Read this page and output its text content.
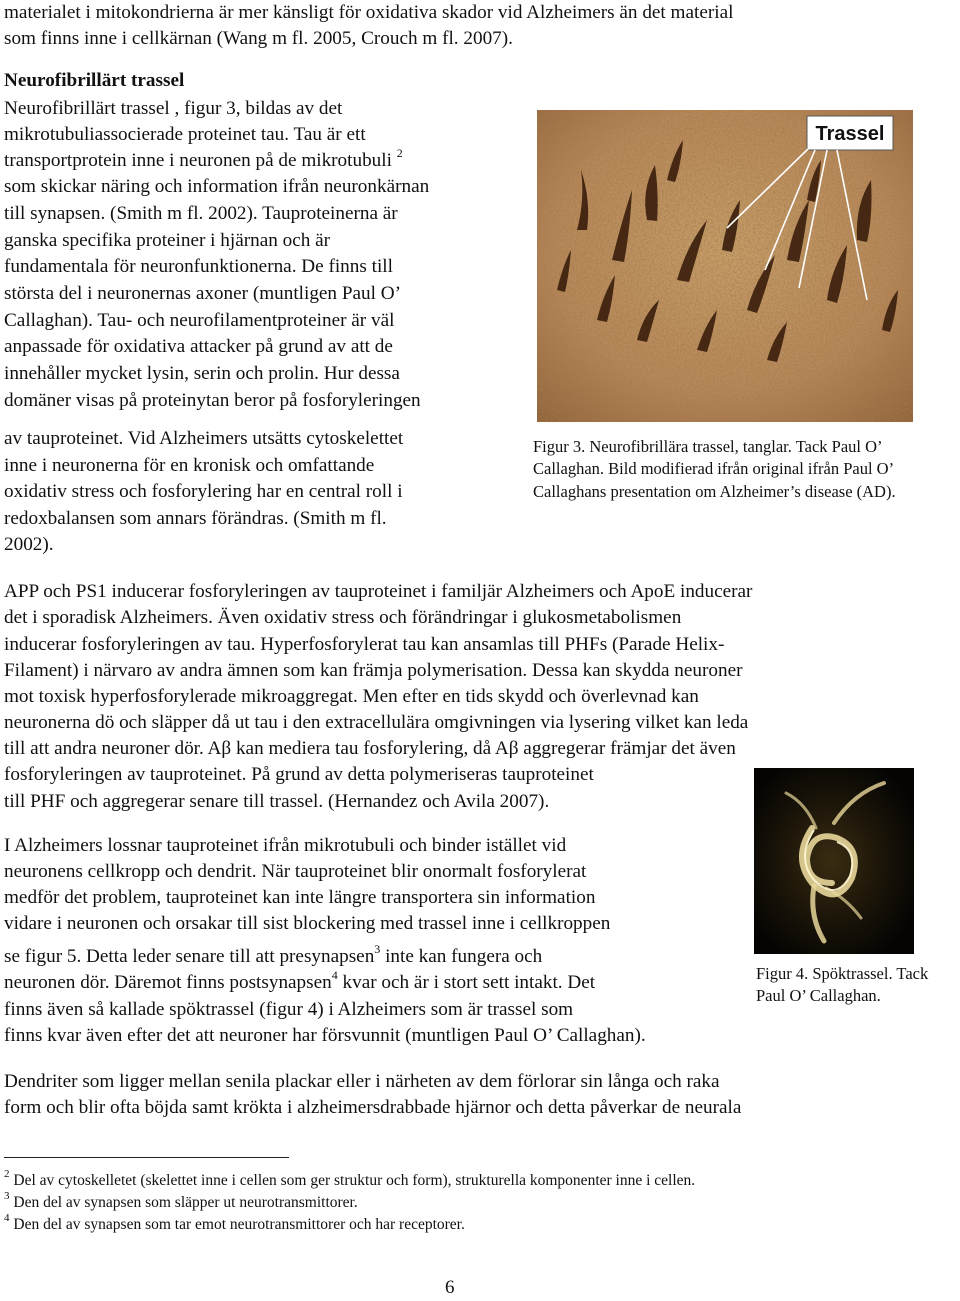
materialet i mitokondrierna är mer känsligt för oxidativa skador vid Alzheimers än det material
som finns inne i cellkärnan (Wang m fl. 2005, Crouch m fl. 2007).
Neurofibrillärt trassel
Neurofibrillärt trassel , figur 3, bildas av det
mikrotubuliassocierade proteinet tau. Tau är ett
transportprotein inne i neuronen på de mikrotubuli $^2$
som skickar näring och information ifrån neuronkärnan
till synapsen. (Smith m fl. 2002). Tauproteinerna är
ganska specifika proteiner i hjärnan och är
fundamentala för neuronfunktionerna. De finns till
största del i neuronernas axoner (muntligen Paul O’
Callaghan). Tau- och neurofilamentproteiner är väl
anpassade för oxidativa attacker på grund av att de
innehåller mycket lysin, serin och prolin. Hur dessa
domäner visas på proteinytan beror på fosforyleringen
av tauproteinet. Vid Alzheimers utsätts cytoskelettet
inne i neuronerna för en kronisk och omfattande
oxidativ stress och fosforylering har en central roll i
redoxbalansen som annars förändras. (Smith m fl.
2002).
Trassel
Figur 3. Neurofibrillära trassel, tanglar. Tack Paul O’
Callaghan. Bild modifierad ifrån original ifrån Paul O’
Callaghans presentation om Alzheimer’s disease (AD).
APP och PS1 inducerar fosforyleringen av tauproteinet i familjär Alzheimers och ApoE inducerar
det i sporadisk Alzheimers. Även oxidativ stress och förändringar i glukosmetabolismen
inducerar fosforyleringen av tau. Hyperfosforylerat tau kan ansamlas till PHFs (Parade Helix-
Filament) i närvaro av andra ämnen som kan främja polymerisation. Dessa kan skydda neuroner
mot toxisk hyperfosforylerade mikroaggregat. Men efter en tids skydd och överlevnad kan
neuronerna dö och släpper då ut tau i den extracellulära omgivningen via lysering vilket kan leda
till att andra neuroner dör. Aβ kan mediera tau fosforylering, då Aβ aggregerar främjar det även
fosforyleringen av tauproteinet. På grund av detta polymeriseras tauproteinet
till PHF och aggregerar senare till trassel. (Hernandez och Avila 2007).
I Alzheimers lossnar tauproteinet ifrån mikrotubuli och binder istället vid
neuronens cellkropp och dendrit. När tauproteinet blir onormalt fosforylerat
medför det problem, tauproteinet kan inte längre transportera sin information
vidare i neuronen och orsakar till sist blockering med trassel inne i cellkroppen
se figur 5. Detta leder senare till att presynapsen$^3$ inte kan fungera och
neuronen dör. Däremot finns postsynapsen$^4$ kvar och är i stort sett intakt. Det
finns även så kallade spöktrassel (figur 4) i Alzheimers som är trassel som
finns kvar även efter det att neuroner har försvunnit (muntligen Paul O’ Callaghan).
Figur 4. Spöktrassel. Tack
Paul O’ Callaghan.
Dendriter som ligger mellan senila plackar eller i närheten av dem förlorar sin långa och raka
form och blir ofta böjda samt krökta i alzheimersdrabbade hjärnor och detta påverkar de neurala
$^2$ Del av cytoskelletet (skelettet inne i cellen som ger struktur och form), strukturella komponenter inne i cellen.
$^3$ Den del av synapsen som släpper ut neurotransmittorer.
$^4$ Den del av synapsen som tar emot neurotransmittorer och har receptorer.
6
